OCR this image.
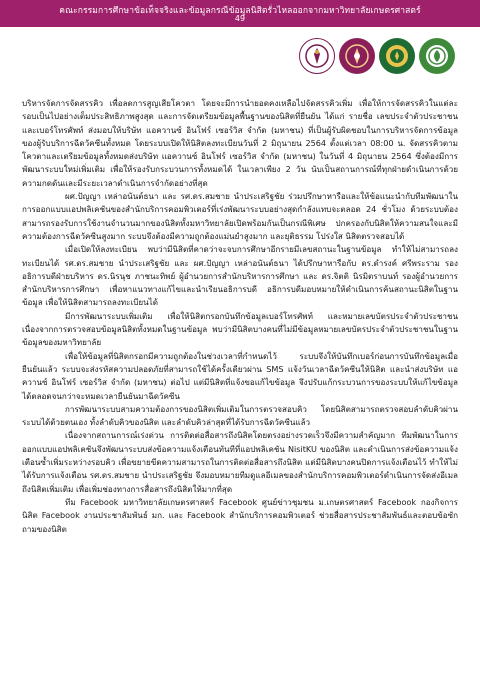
คณะกรรมการศึกษาข้อเท็จจริงและข้อมูลกรณีข้อมูลนิสิตรั่วไหลออกจากมหาวิทยาลัยเกษตรศาสตร์
49

บริหารจัดการจัดสรรคิว เพื่อลดการสูญเสียโควตา โดยจะมีการนำยอดคงเหลือไปจัดสรรคิวเพิ่ม เพื่อให้การจัดสรรคิวในแต่ละรอบเป็นไปอย่างเต็มประสิทธิภาพสูงสุด และการจัดเตรียมข้อมูลพื้นฐานของนิสิตที่ยืนยัน ได้แก่ รายชื่อ เลขประจำตัวประชาชน และเบอร์โทรศัพท์ ส่งมอบให้บริษัท แอควานซ์ อินโฟร์ เซอร์วิส จำกัด (มหาชน) ที่เป็นผู้รับผิดชอบในการบริหารจัดการข้อมูลของผู้รับบริการฉีดวัคซีนทั้งหมด โดยระบบเปิดให้นิสิตลงทะเบียนวันที่ 2 มิถุนายน 2564 ตั้งแต่เวลา 08:00 น. จัดสรรคิวตามโควตาและเตรียมข้อมูลทั้งหมดส่งบริษัท แอควานซ์ อินโฟร์ เซอร์วิส จำกัด (มหาชน) ในวันที่ 4 มิถุนายน 2564 ซึ่งต้องมีการพัฒนาระบบใหม่เพิ่มเติม เพื่อให้รองรับกระบวนการทั้งหมดได้ ในเวลาเพียง 2 วัน นับเป็นสถานการณ์ที่ทุกฝ่ายดำเนินการด้วยความกดดันและมีระยะเวลาดำเนินการจำกัดอย่างที่สุด

ผศ.ปัญญา เหล่าอนันต์ธนา และ รศ.ดร.สมชาย นำประเสริฐชัย ร่วมปรึกษาหารือและให้ข้อแนะนำกับทีมพัฒนาในการออกแบบแอปพลิเคชันของสำนักบริการคอมพิวเตอร์ที่เร่งพัฒนาระบบอย่างสุดกำลังแทบจะตลอด 24 ชั่วโมง ด้วยระบบต้องสามารถรองรับการใช้งานจำนวนมากของนิสิตทั้งมหาวิทยาลัยเปิดพร้อมกันเป็นกรณีพิเศษ ปกครองกับนิสิตให้ความสนใจและมีความต้องการฉีดวัคซีนสูงมาก ระบบจึงต้องมีความถูกต้องแม่นยำสูงมาก และยุติธรรม โปร่งใส นิสิตตรวจสอบได้

เมื่อเปิดให้ลงทะเบียน พบว่ามีนิสิตที่คาดว่าจะจบการศึกษาอีกรายมีเลขสถานะในฐานข้อมูล ทำให้ไม่สามารถลงทะเบียนได้ รศ.ดร.สมชาย นำประเสริฐชัย และ ผศ.ปัญญา เหล่าอนันต์ธนา ได้ปรึกษาหารือกับ ดร.ดำรงค์ ศรีพระราม รองอธิการบดีฝ่ายบริหาร ดร.นิรนุช ภาชนะทิพย์ ผู้อำนวยการสำนักบริหารการศึกษา และ ดร.จิตติ นิรมิตราบนท์ รองผู้อำนวยการสำนักบริหารการศึกษา เพื่อหาแนวทางแก้ไขและนำเรียนอธิการบดี อธิการบดีมอบหมายให้ดำเนินการค้นสถานะนิสิตในฐานข้อมูล เพื่อให้นิสิตสามารถลงทะเบียนได้

มีการพัฒนาระบบเพิ่มเติม เพื่อให้นิสิตกรอกบันทึกข้อมูลเบอร์โทรศัพท์ และหมายเลขบัตรประจำตัวประชาชนเนื่องจากการตรวจสอบข้อมูลนิสิตทั้งหมดในฐานข้อมูล พบว่ามีนิสิตบางคนที่ไม่มีข้อมูลหมายเลขบัตรประจำตัวประชาชนในฐานข้อมูลของมหาวิทยาลัย

เพื่อให้ข้อมูลที่นิสิตกรอกมีความถูกต้องในช่วงเวลาที่กำหนดไว้ ระบบจึงให้บันทึกเบอร์ก่อนการบันทึกข้อมูลเมื่อยืนยันแล้ว ระบบจะส่งรหัสความปลอดภัยที่สามารถใช้ได้ครั้งเดียวผ่าน SMS แจ้งวันเวลาฉีดวัคซีนให้นิสิต และนำส่งบริษัท แอควานซ์ อินโฟร์ เซอร์วิส จำกัด (มหาชน) ต่อไป แต่มีนิสิตที่แจ้งขอแก้ไขข้อมูล จึงปรับแก้กระบวนการของระบบให้แก้ไขข้อมูลได้ตลอดจนกว่าจะหมดเวลายืนยันมาฉีดวัคซีน

การพัฒนาระบบสามความต้องการของนิสิตเพิ่มเติมในการตรวจสอบคิว โดยนิสิตสามารถตรวจสอบลำดับคิวผ่านระบบได้ด้วยตนเอง ทั้งลำดับคิวของนิสิต และลำดับคิวล่าสุดที่ได้รับการฉีดวัคซีนแล้ว

เนื่องจากสถานการณ์เร่งด่วน การติดต่อสื่อสารถึงนิสิตโดยตรงอย่างรวดเร็วจึงมีความสำคัญมาก ทีมพัฒนาในการออกแบบแอปพลิเคชันจึงพัฒนาระบบส่งข้อความแจ้งเตือนทันทีที่แอปพลิเคชัน NisitKU ของนิสิต และดำเนินการส่งข้อความแจ้งเตือนซ้ำเพิ่มระหว่างรอบคิว เพื่อขยายขีดความสามารถในการติดต่อสื่อสารถึงนิสิต แต่มีนิสิตบางคนปิดการแจ้งเตือนไว้ ทำให้ไม่ได้รับการแจ้งเตือน รศ.ดร.สมชาย นำประเสริฐชัย จึงมอบหมายทีมดูแลอีเมลของสำนักบริการคอมพิวเตอร์ดำเนินการจัดส่งอีเมลถึงนิสิตเพิ่มเติม เพื่อเพิ่มช่องทางการสื่อสารถึงนิสิตให้มากที่สุด

ทีม Facebook มหาวิทยาลัยเกษตรศาสตร์ Facebook ศูนย์ข่าวชุมชน ม.เกษตรศาสตร์ Facebook กองกิจการนิสิต Facebook งานประชาสัมพันธ์ มก. และ Facebook สำนักบริการคอมพิวเตอร์ ช่วยสื่อสารประชาสัมพันธ์และตอบข้อซักถามของนิสิต
